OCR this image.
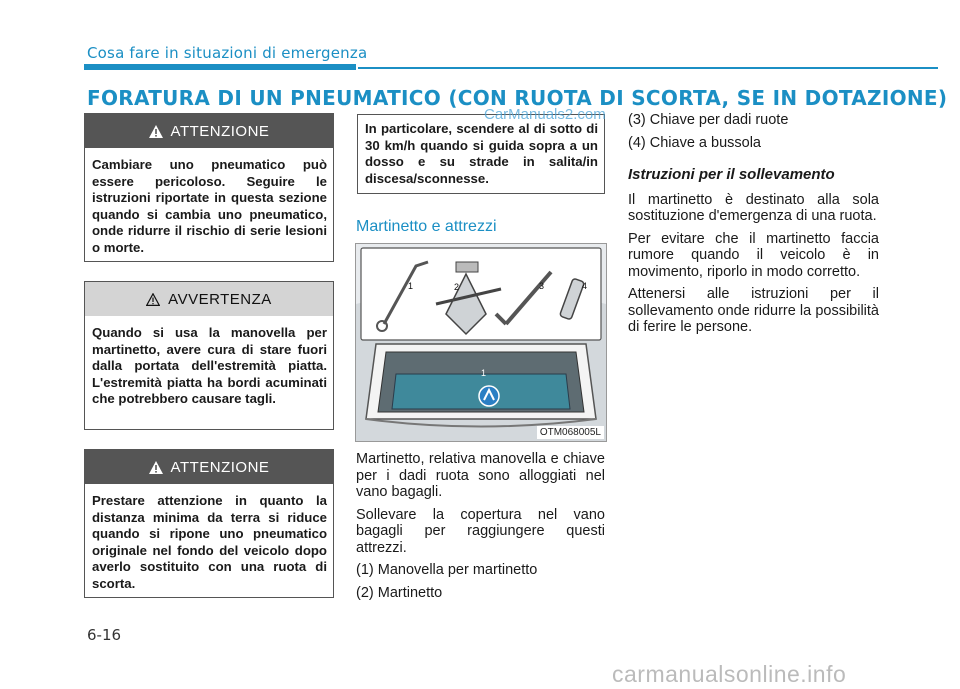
Cosa fare in situazioni di emergenza
FORATURA DI UN PNEUMATICO (CON RUOTA DI SCORTA, SE IN DOTAZIONE)
ATTENZIONE
Cambiare uno pneumatico può essere pericoloso. Seguire le istruzioni riportate in questa sezione quando si cambia uno pneumatico, onde ridurre il rischio di serie lesioni o morte.
AVVERTENZA
Quando si usa la manovella per martinetto, avere cura di stare fuori dalla portata dell'estremità piatta. L'estremità piatta ha bordi acuminati che potrebbero causare tagli.
ATTENZIONE
Prestare attenzione in quanto la distanza minima da terra si riduce quando si ripone uno pneumatico originale nel fondo del veicolo dopo averlo sostituito con una ruota di scorta.
In particolare, scendere al di sotto di 30 km/h quando si guida sopra a un dosso e su strade in salita/in discesa/sconnesse.
CarManuals2.com
Martinetto e attrezzi
1	2	3	4
1
OTM068005L

Martinetto, relativa manovella e chiave per i dadi ruota sono alloggiati nel vano bagagli.

Sollevare la copertura nel vano bagagli per raggiungere questi attrezzi.

(1) Manovella per martinetto

(2) Martinetto

(3) Chiave per dadi ruote

(4) Chiave a bussola

Istruzioni per il sollevamento

Il martinetto è destinato alla sola sostituzione d'emergenza di una ruota.

Per evitare che il martinetto faccia rumore quando il veicolo è in movimento, riporlo in modo corretto.

Attenersi alle istruzioni per il sollevamento onde ridurre la possibilità di ferire le persone.

6-16
carmanualsonline.info
